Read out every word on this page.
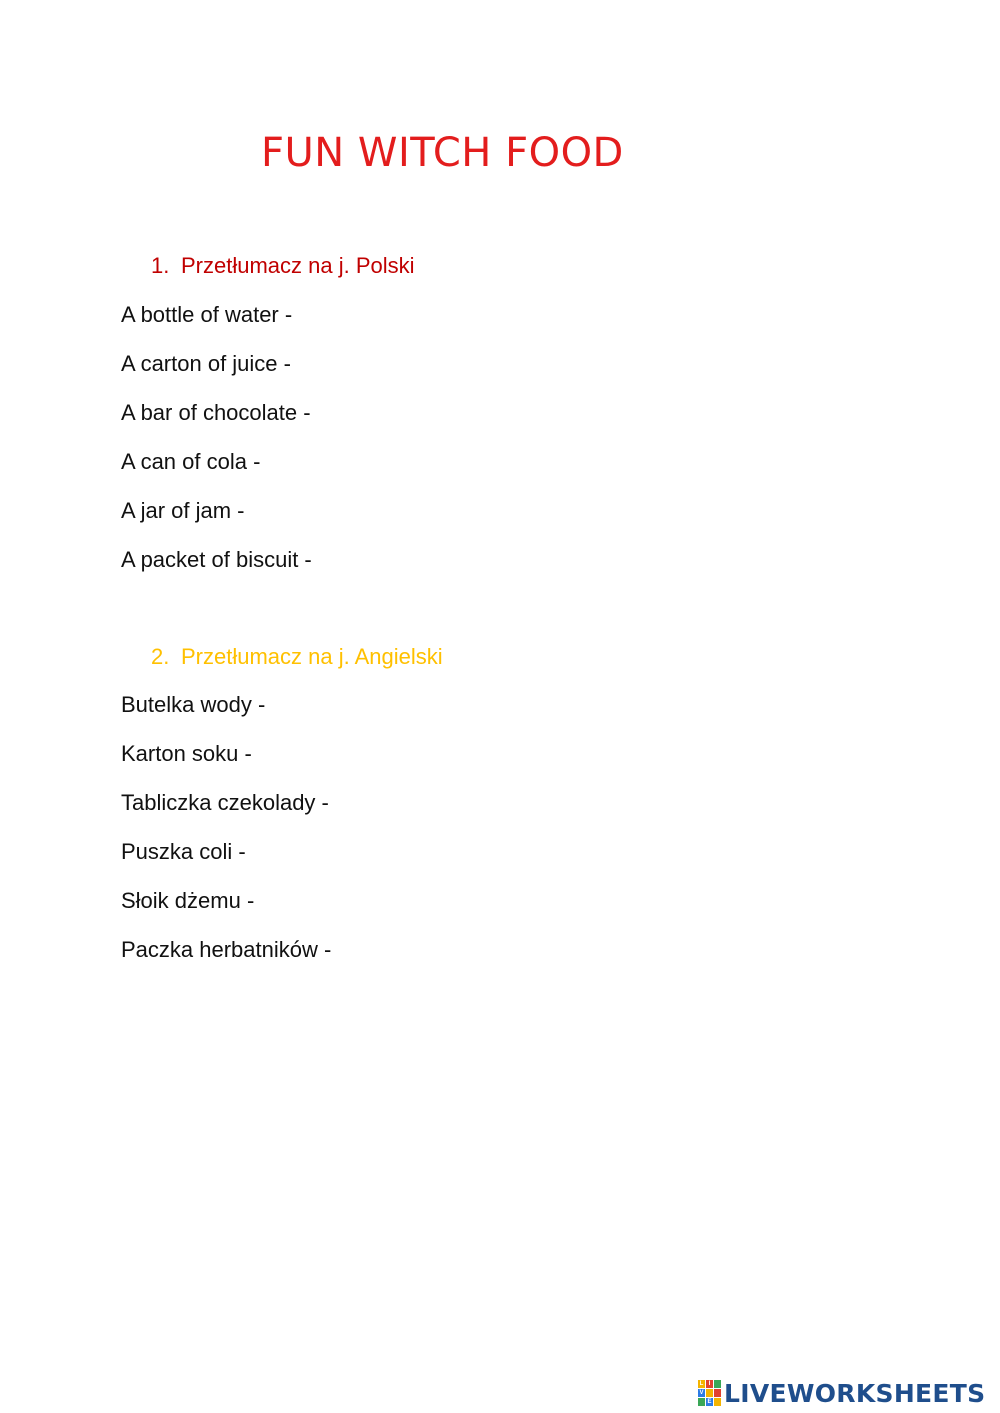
FUN WITCH FOOD
1. Przetłumacz na j. Polski
A bottle of water -
A carton of juice -
A bar of chocolate -
A can of cola -
A jar of jam -
A packet of biscuit -
2. Przetłumacz na j. Angielski
Butelka wody -
Karton soku -
Tabliczka czekolady -
Puszka coli -
Słoik dżemu -
Paczka herbatników -
L I
V
E LIVEWORKSHEETS
